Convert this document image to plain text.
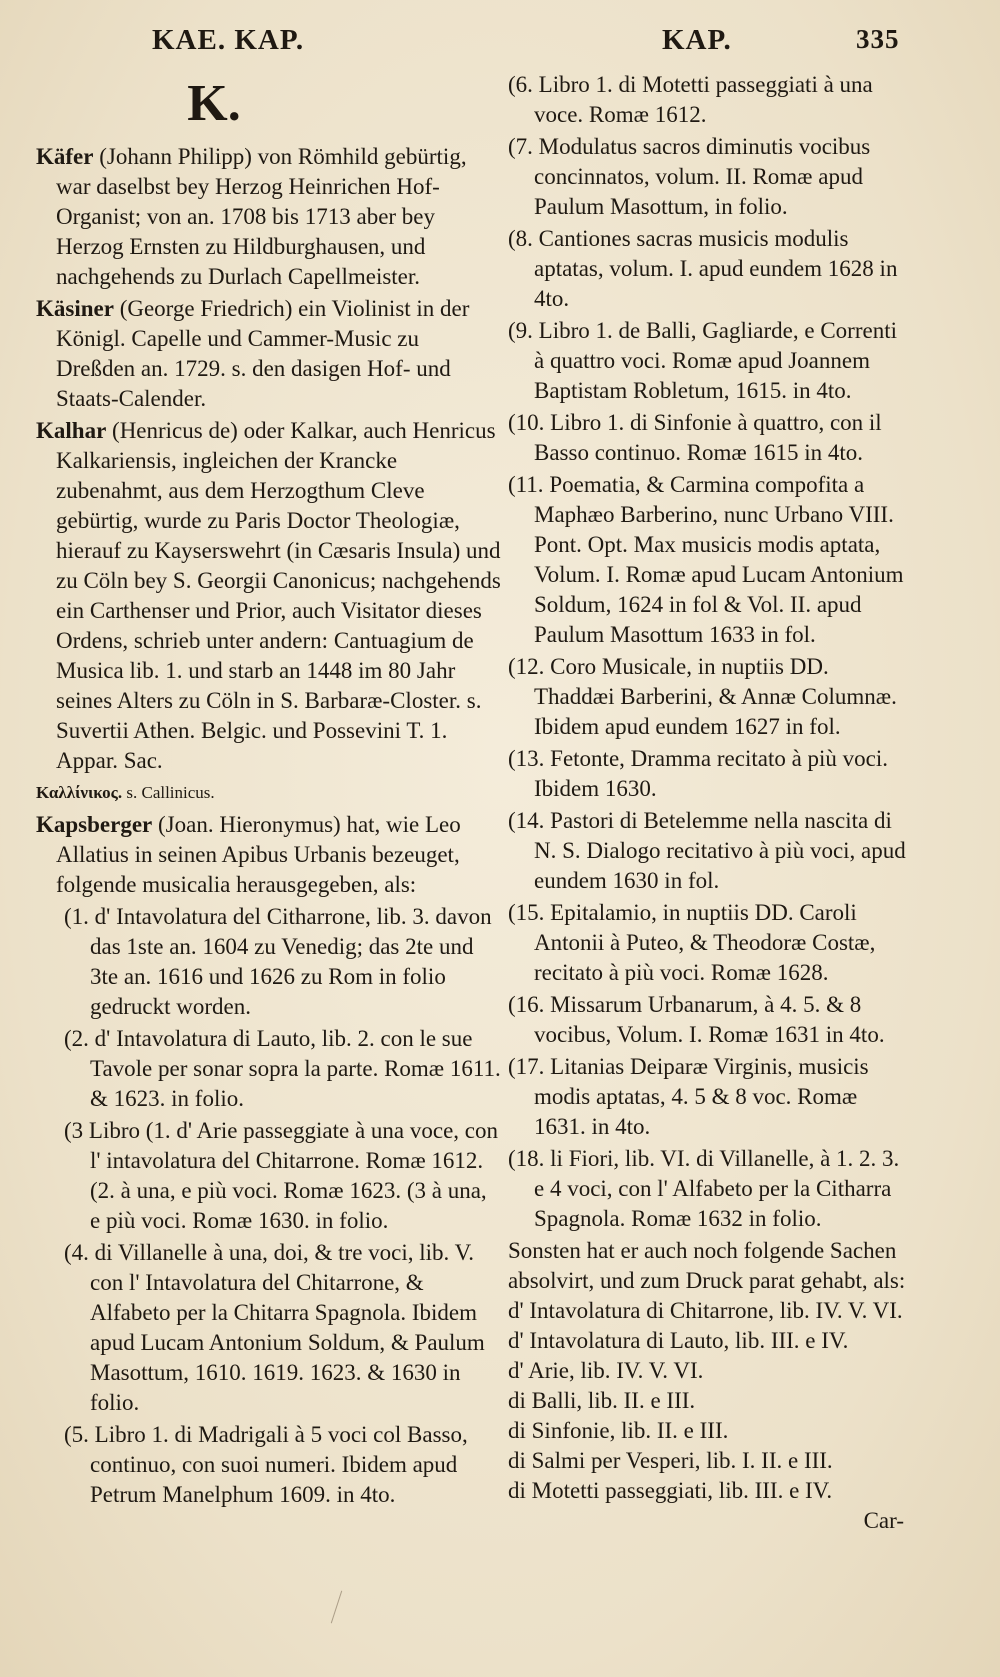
KAE. KAP.	KAP.	335
K.
Käfer (Johann Philipp) von Römhild gebürtig, war daselbst bey Herzog Heinrichen Hof-Organist; von an. 1708 bis 1713 aber bey Herzog Ernsten zu Hildburghausen, und nachgehends zu Durlach Capellmeister.
Käsiner (George Friedrich) ein Violinist in der Königl. Capelle und Cammer-Music zu Dreßden an. 1729. s. den dasigen Hof- und Staats-Calender.
Kalhar (Henricus de) oder Kalkar, auch Henricus Kalkariensis, ingleichen der Krancke zubenahmt, aus dem Herzogthum Cleve gebürtig, wurde zu Paris Doctor Theologiæ, hierauf zu Kayserswehrt (in Cæsaris Insula) und zu Cöln bey S. Georgii Canonicus; nachgehends ein Carthenser und Prior, auch Visitator dieses Ordens, schrieb unter andern: Cantuagium de Musica lib. 1. und starb an 1448 im 80 Jahr seines Alters zu Cöln in S. Barbaræ-Closter. s. Suvertii Athen. Belgic. und Possevini T. 1. Appar. Sac.
Καλλίνικος. s. Callinicus.
Kapsberger (Joan. Hieronymus) hat, wie Leo Allatius in seinen Apibus Urbanis bezeuget, folgende musicalia herausgegeben, als:
(1. d' Intavolatura del Citharrone, lib. 3. davon das 1ste an. 1604 zu Venedig; das 2te und 3te an. 1616 und 1626 zu Rom in folio gedruckt worden.
(2. d' Intavolatura di Lauto, lib. 2. con le sue Tavole per sonar sopra la parte. Romæ 1611. & 1623. in folio.
(3 Libro (1. d' Arie passeggiate à una voce, con l' intavolatura del Chitarrone. Romæ 1612. (2. à una, e più voci. Romæ 1623. (3 à una, e più voci. Romæ 1630. in folio.
(4. di Villanelle à una, doi, & tre voci, lib. V. con l' Intavolatura del Chitarrone, & Alfabeto per la Chitarra Spagnola. Ibidem apud Lucam Antonium Soldum, & Paulum Masottum, 1610. 1619. 1623. & 1630 in folio.
(5. Libro 1. di Madrigali à 5 voci col Basso, continuo, con suoi numeri. Ibidem apud Petrum Manelphum 1609. in 4to.
(6. Libro 1. di Motetti passeggiati à una voce. Romæ 1612.
(7. Modulatus sacros diminutis vocibus concinnatos, volum. II. Romæ apud Paulum Masottum, in folio.
(8. Cantiones sacras musicis modulis aptatas, volum. I. apud eundem 1628 in 4to.
(9. Libro 1. de Balli, Gagliarde, e Correnti à quattro voci. Romæ apud Joannem Baptistam Robletum, 1615. in 4to.
(10. Libro 1. di Sinfonie à quattro, con il Basso continuo. Romæ 1615 in 4to.
(11. Poematia, & Carmina compofita a Maphæo Barberino, nunc Urbano VIII. Pont. Opt. Max musicis modis aptata, Volum. I. Romæ apud Lucam Antonium Soldum, 1624 in fol & Vol. II. apud Paulum Masottum 1633 in fol.
(12. Coro Musicale, in nuptiis DD. Thaddæi Barberini, & Annæ Columnæ. Ibidem apud eundem 1627 in fol.
(13. Fetonte, Dramma recitato à più voci. Ibidem 1630.
(14. Pastori di Betelemme nella nascita di N. S. Dialogo recitativo à più voci, apud eundem 1630 in fol.
(15. Epitalamio, in nuptiis DD. Caroli Antonii à Puteo, & Theodoræ Costæ, recitato à più voci. Romæ 1628.
(16. Missarum Urbanarum, à 4. 5. & 8 vocibus, Volum. I. Romæ 1631 in 4to.
(17. Litanias Deiparæ Virginis, musicis modis aptatas, 4. 5 & 8 voc. Romæ 1631. in 4to.
(18. li Fiori, lib. VI. di Villanelle, à 1. 2. 3. e 4 voci, con l' Alfabeto per la Citharra Spagnola. Romæ 1632 in folio.
Sonsten hat er auch noch folgende Sachen absolvirt, und zum Druck parat gehabt, als:
d' Intavolatura di Chitarrone, lib. IV. V. VI.
d' Intavolatura di Lauto, lib. III. e IV.
d' Arie, lib. IV. V. VI.
di Balli, lib. II. e III.
di Sinfonie, lib. II. e III.
di Salmi per Vesperi, lib. I. II. e III.
di Motetti passeggiati, lib. III. e IV.
Car-
